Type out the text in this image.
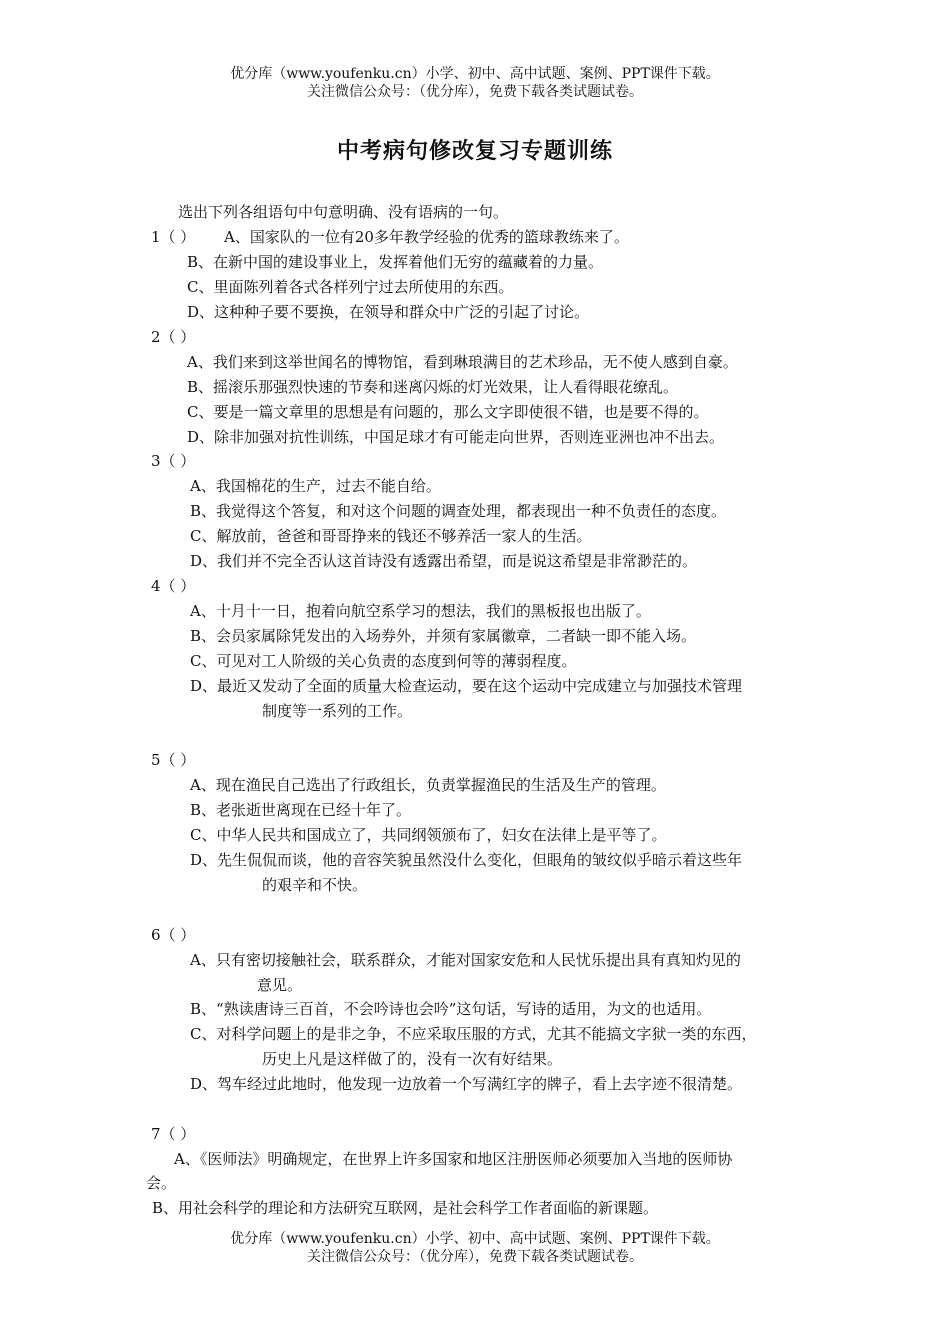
优分库（www.youfenku.cn）小学、初中、高中试题、案例、PPT课件下载。
关注微信公众号：（优分库），免费下载各类试题试卷。
中考病句修改复习专题训练
选出下列各组语句中句意明确、没有语病的一句。
1（ ） A、国家队的一位有20多年教学经验的优秀的篮球教练来了。
B、在新中国的建设事业上，发挥着他们无穷的蕴藏着的力量。
C、里面陈列着各式各样列宁过去所使用的东西。
D、这种种子要不要换，在领导和群众中广泛的引起了讨论。
2（ ）
A、我们来到这举世闻名的博物馆，看到琳琅满目的艺术珍品，无不使人感到自豪。
B、摇滚乐那强烈快速的节奏和迷离闪烁的灯光效果，让人看得眼花缭乱。
C、要是一篇文章里的思想是有问题的，那么文字即使很不错，也是要不得的。
D、除非加强对抗性训练，中国足球才有可能走向世界，否则连亚洲也冲不出去。
3（ ）
A、我国棉花的生产，过去不能自给。
B、我觉得这个答复，和对这个问题的调查处理，都表现出一种不负责任的态度。
C、解放前，爸爸和哥哥挣来的钱还不够养活一家人的生活。
D、我们并不完全否认这首诗没有透露出希望，而是说这希望是非常渺茫的。
4（ ）
A、十月十一日，抱着向航空系学习的想法，我们的黑板报也出版了。
B、会员家属除凭发出的入场券外，并须有家属徽章，二者缺一即不能入场。
C、可见对工人阶级的关心负责的态度到何等的薄弱程度。
D、最近又发动了全面的质量大检查运动，要在这个运动中完成建立与加强技术管理
制度等一系列的工作。
5（ ）
A、现在渔民自己选出了行政组长，负责掌握渔民的生活及生产的管理。
B、老张逝世离现在已经十年了。
C、中华人民共和国成立了，共同纲领颁布了，妇女在法律上是平等了。
D、先生侃侃而谈，他的音容笑貌虽然没什么变化，但眼角的皱纹似乎暗示着这些年
的艰辛和不快。
6（ ）
A、只有密切接触社会，联系群众，才能对国家安危和人民忧乐提出具有真知灼见的
意见。
B、“熟读唐诗三百首，不会吟诗也会吟”这句话，写诗的适用，为文的也适用。
C、对科学问题上的是非之争，不应采取压服的方式，尤其不能搞文字狱一类的东西，
历史上凡是这样做了的，没有一次有好结果。
D、驾车经过此地时，他发现一边放着一个写满红字的牌子，看上去字迹不很清楚。
7（ ）
A、《医师法》明确规定，在世界上许多国家和地区注册医师必须要加入当地的医师协
会。
B、用社会科学的理论和方法研究互联网，是社会科学工作者面临的新课题。
优分库（www.youfenku.cn）小学、初中、高中试题、案例、PPT课件下载。
关注微信公众号：（优分库），免费下载各类试题试卷。
